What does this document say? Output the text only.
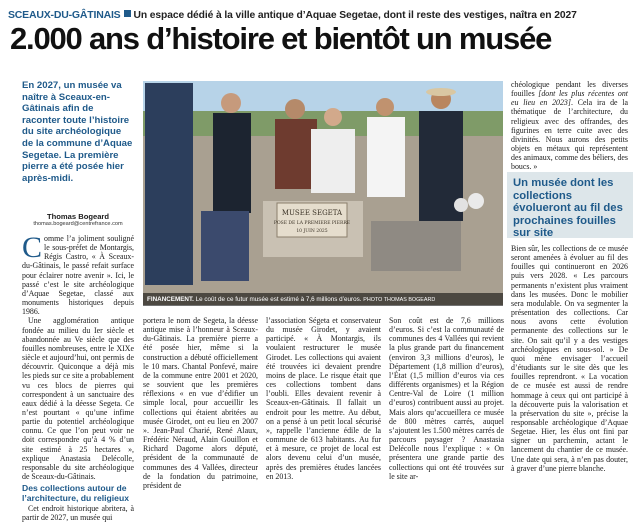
SCEAUX-DU-GÂTINAIS Un espace dédié à la ville antique d’Aquae Segetae, dont il reste des vestiges, naîtra en 2027
2.000 ans d’histoire et bientôt un musée
En 2027, un musée va naître à Sceaux-en-Gâtinais afin de raconter toute l’histoire du site archéologique de la commune d’Aquae Segetae. La première pierre a été posée hier après-midi.
Thomas Bogeard
thomas.bogeard@centrefrance.com
Comme l’a joliment souligné le sous-préfet de Montargis, Régis Castro, « À Sceaux-du-Gâtinais, le passé refait surface pour éclairer notre avenir ». Ici, le passé c’est le site archéologique d’Aquae Segetae, classé aux monuments historiques depuis 1986.
Une agglomération antique fondée au milieu du Ier siècle et abandonnée au Ve siècle que des fouilles nombreuses, entre le XIXe siècle et aujourd’hui, ont permis de découvrir. Quiconque a déjà mis les pieds sur ce site a probablement vu ces blocs de pierres qui correspondent à un sanctuaire des eaux dédié à la déesse Segeta. Ce n’est pourtant « qu’une infime partie du potentiel archéologique connu. Ce que l’on peut voir ne doit correspondre qu’à 4 % d’un site estimé à 25 hectares », explique Anastasia Delécolle, responsable du site archéologique de Sceaux-du-Gâtinais.
Des collections autour de l’architecture, du religieux
Cet endroit historique abritera, à partir de 2027, un musée qui
MUSEE SEGETA
POSE DE LA PREMIERE PIERRE
10 JUIN 2025
FINANCEMENT. Le coût de ce futur musée est estimé à 7,6 millions d’euros. PHOTO THOMAS BOGEARD
portera le nom de Segeta, la déesse antique mise à l’honneur à Sceaux-du-Gâtinais. La première pierre a été posée hier, même si la construction a débuté officiellement le 10 mars. Chantal Ponfevé, maire de la commune entre 2001 et 2020, se souvient que les premières réflexions « en vue d’édifier un simple local, pour accueillir les collections qui étaient abritées au musée Girodet, ont eu lieu en 2007 ». Jean-Paul Charié, René Alaux, Frédéric Néraud, Alain Gouillon et Richard Dagorne alors député, président de la communauté de communes des 4 Vallées, directeur de la fondation du patrimoine, président de
l’association Ségeta et conservateur du musée Girodet, y avaient participé. « À Montargis, ils voulaient restructurer le musée Girodet. Les collections qui avaient été trouvées ici devaient prendre moins de place. Le risque était que ces collections tombent dans l’oubli. Elles devaient revenir à Sceaux-en-Gâtinais. Il fallait un endroit pour les mettre. Au début, on a pensé à un petit local sécurisé », rappelle l’ancienne édile de la commune de 613 habitants. Au fur et à mesure, ce projet de local est alors devenu celui d’un musée, après des premières études lancées en 2013.
Son coût est de 7,6 millions d’euros. Si c’est la communauté de communes des 4 Vallées qui revient la plus grande part du financement (environ 3,3 millions d’euros), le Département (1,8 million d’euros), l’État (1,5 million d’euros via ces différents organismes) et la Région Centre-Val de Loire (1 million d’euros) contribuent aussi au projet. Mais alors qu’accueillera ce musée de 800 mètres carrés, auquel s’ajoutent les 1.500 mètres carrés de parcours paysager ? Anastasia Delécolle nous l’explique : « On présentera une grande partie des collections qui ont été trouvées sur le site ar-
chéologique pendant les diverses fouilles [dont les plus récentes ont eu lieu en 2023]. Cela ira de la thématique de l’architecture, du religieux avec des offrandes, des figurines en terre cuite avec des divinités. Nous aurons des petits objets en métaux qui représentent des animaux, comme des béliers, des boucs. »
Un musée dont les collections évolueront au fil des prochaines fouilles sur site
Bien sûr, les collections de ce musée seront amenées à évoluer au fil des fouilles qui continueront en 2026 puis vers 2028. « Les parcours permanents n’existent plus vraiment dans les musées. Donc le mobilier sera modulable. On va segmenter la présentation des collections. Car nous avons cette évolution permanente des collections sur le site. On sait qu’il y a des vestiges archéologiques en sous-sol. » De quoi mène envisager l’accueil d’étudiants sur le site dès que les fouilles reprendront. « La vocation de ce musée est aussi de rendre hommage à ceux qui ont participé à la découverte puis la valorisation et la préservation du site », précise la responsable archéologique d’Aquae Segetae. Hier, les élus ont fini par signer un parchemin, actant le lancement du chantier de ce musée. Une date qui sera, à n’en pas douter, à graver d’une pierre blanche.
